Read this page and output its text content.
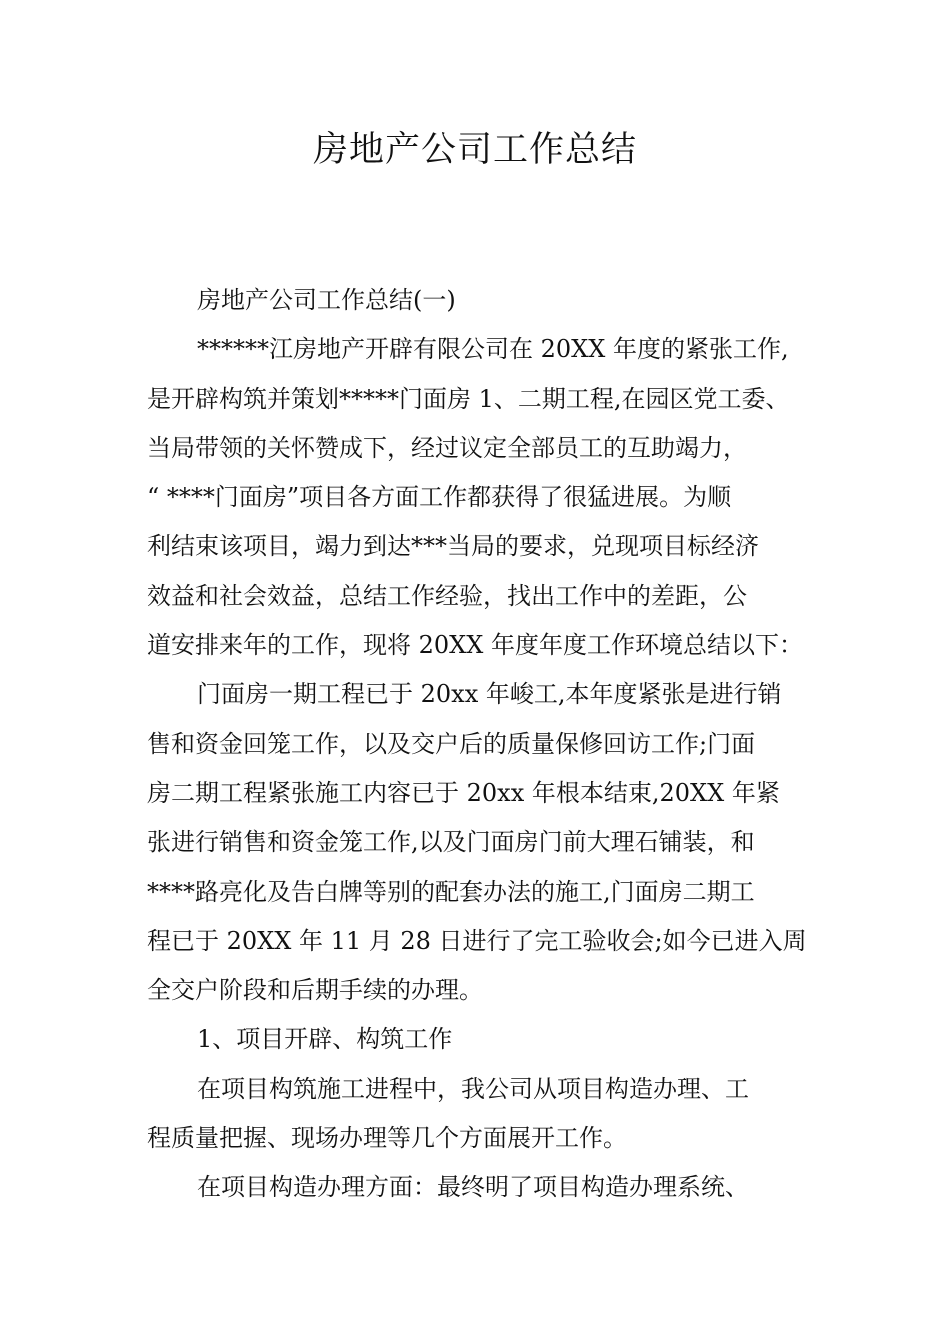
房地产公司工作总结
房地产公司工作总结(一)
******江房地产开辟有限公司在 20XX 年度的紧张工作,
是开辟构筑并策划*****门面房 1、二期工程,在园区党工委、
当局带领的关怀赞成下，经过议定全部员工的互助竭力，
“ ****门面房”项目各方面工作都获得了很猛进展。为顺
利结束该项目，竭力到达***当局的要求，兑现项目标经济
效益和社会效益，总结工作经验，找出工作中的差距，公
道安排来年的工作，现将 20XX 年度年度工作环境总结以下：
门面房一期工程已于 20xx 年峻工,本年度紧张是进行销
售和资金回笼工作，以及交户后的质量保修回访工作;门面
房二期工程紧张施工内容已于 20xx 年根本结束,20XX 年紧
张进行销售和资金笼工作,以及门面房门前大理石铺装，和
****路亮化及告白牌等别的配套办法的施工,门面房二期工
程已于 20XX 年 11 月 28 日进行了完工验收会;如今已进入周
全交户阶段和后期手续的办理。
1、项目开辟、构筑工作
在项目构筑施工进程中，我公司从项目构造办理、工
程质量把握、现场办理等几个方面展开工作。
在项目构造办理方面：最终明了项目构造办理系统、
